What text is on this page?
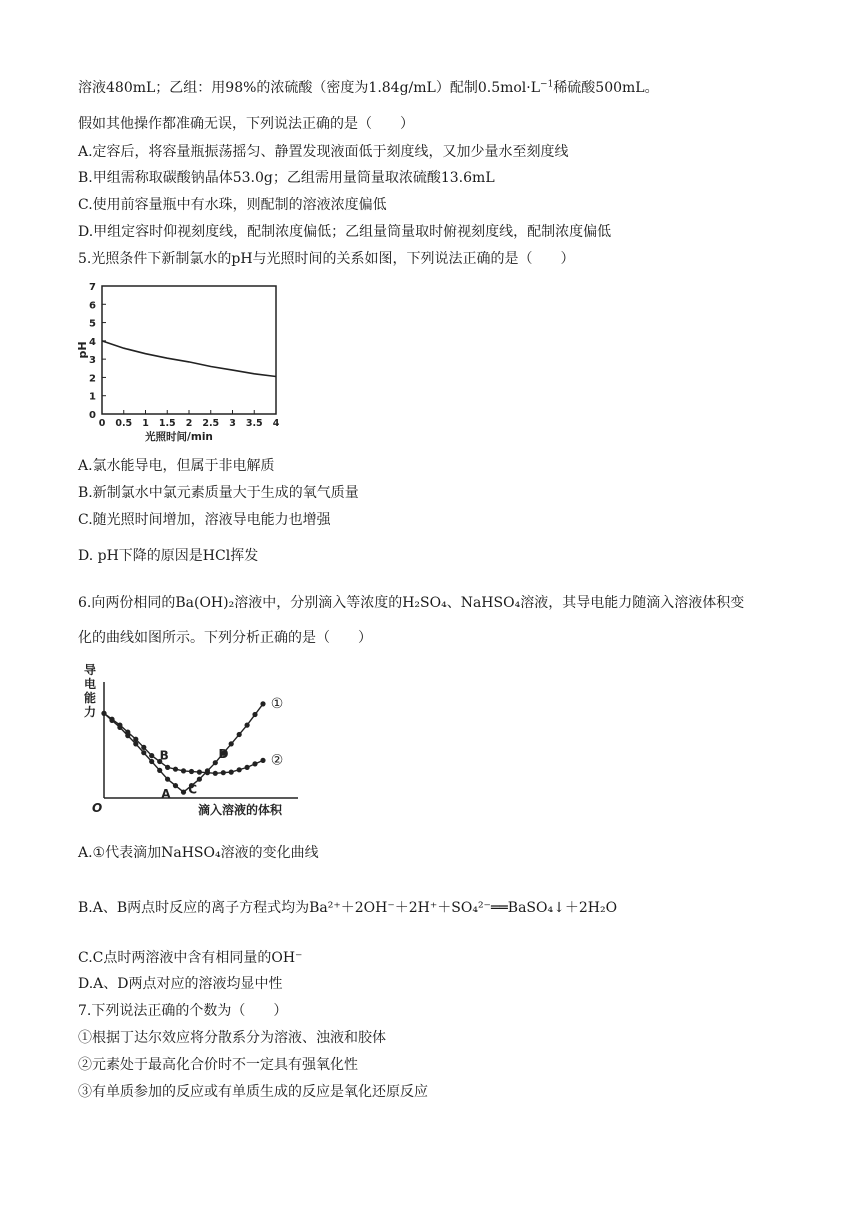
溶液480mL；乙组：用98%的浓硫酸（密度为1.84g/mL）配制$0.5mol\cdot L^{-1}$稀硫酸500mL。
假如其他操作都准确无误，下列说法正确的是（　　）
A.定容后，将容量瓶振荡摇匀、静置发现液面低于刻度线，又加少量水至刻度线
B.甲组需称取碳酸钠晶体53.0g；乙组需用量筒量取浓硫酸13.6mL
C.使用前容量瓶中有水珠，则配制的溶液浓度偏低
D.甲组定容时仰视刻度线，配制浓度偏低；乙组量筒量取时俯视刻度线，配制浓度偏低
5.光照条件下新制氯水的pH与光照时间的关系如图，下列说法正确的是（　　）
0
1
2
3
4
5
6
7
0 0.5 1 1.5 2 2.5 3 3.5 4
pH
光照时间/min
A.氯水能导电，但属于非电解质
B.新制氯水中氯元素质量大于生成的氧气质量
C.随光照时间增加，溶液导电能力也增强
D. pH下降的原因是HCl挥发
6.向两份相同的Ba(OH)₂溶液中，分别滴入等浓度的H₂SO₄、NaHSO₄溶液，其导电能力随滴入溶液体积变
化的曲线如图所示。下列分析正确的是（　　）
导
电
能
力
O	滴入溶液的体积
①
②
A
B
C
D
A.①代表滴加NaHSO₄溶液的变化曲线
B.A、B两点时反应的离子方程式均为Ba²⁺＋2OH⁻＋2H⁺＋SO₄²⁻══BaSO₄↓＋2H₂O
C.C点时两溶液中含有相同量的OH⁻
D.A、D两点对应的溶液均显中性
7.下列说法正确的个数为（　　）
①根据丁达尔效应将分散系分为溶液、浊液和胶体
②元素处于最高化合价时不一定具有强氧化性
③有单质参加的反应或有单质生成的反应是氧化还原反应
